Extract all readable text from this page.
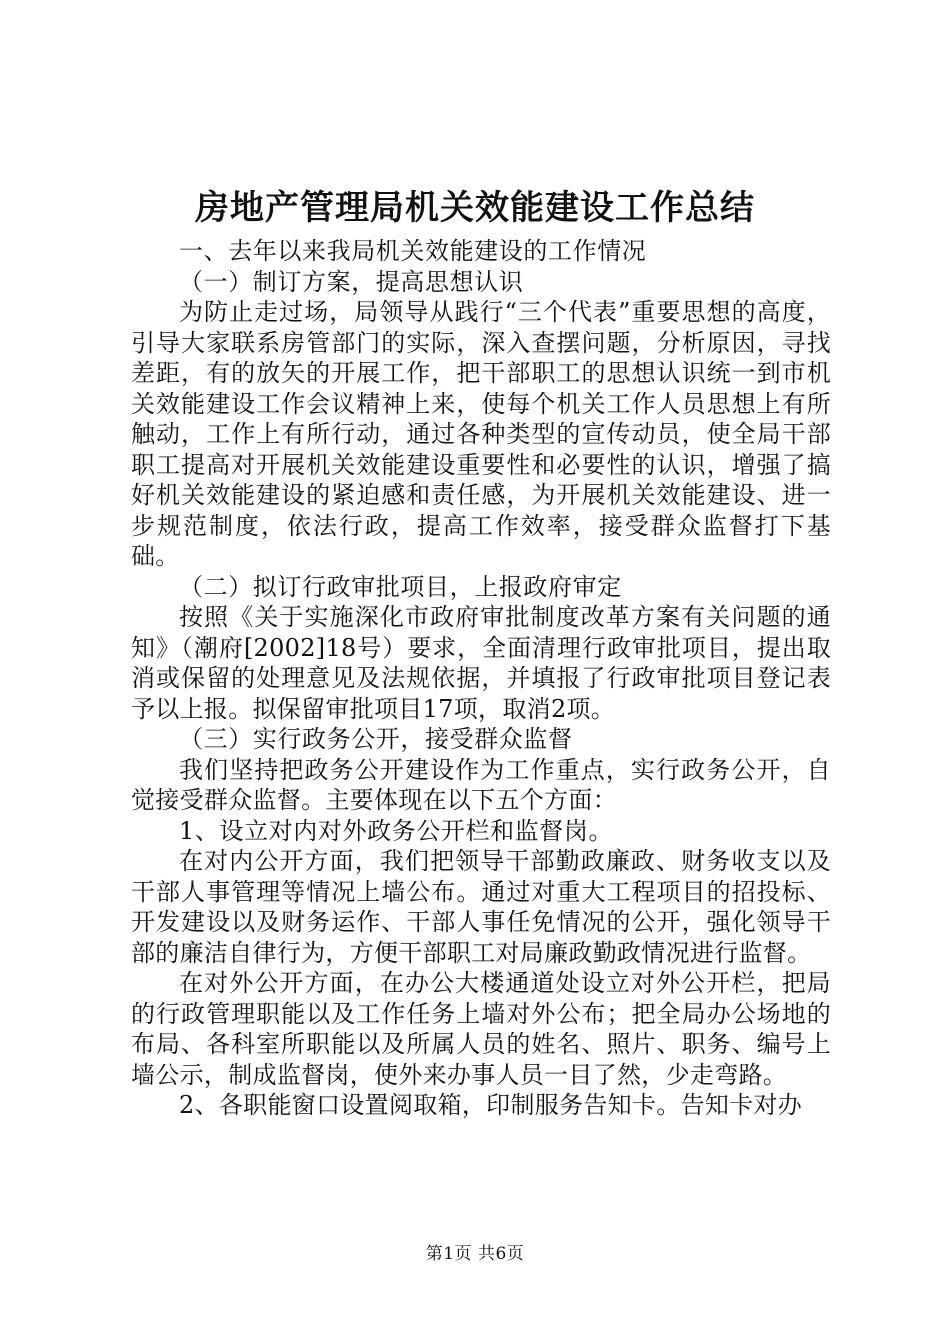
房地产管理局机关效能建设工作总结

一、去年以来我局机关效能建设的工作情况

（一）制订方案，提高思想认识

为防止走过场，局领导从践行“三个代表”重要思想的高度，引导大家联系房管部门的实际，深入查摆问题，分析原因，寻找差距，有的放矢的开展工作，把干部职工的思想认识统一到市机关效能建设工作会议精神上来，使每个机关工作人员思想上有所触动，工作上有所行动，通过各种类型的宣传动员，使全局干部职工提高对开展机关效能建设重要性和必要性的认识，增强了搞好机关效能建设的紧迫感和责任感，为开展机关效能建设、进一步规范制度，依法行政，提高工作效率，接受群众监督打下基础。

（二）拟订行政审批项目，上报政府审定

按照《关于实施深化市政府审批制度改革方案有关问题的通知》（潮府[2002]18号）要求，全面清理行政审批项目，提出取消或保留的处理意见及法规依据，并填报了行政审批项目登记表予以上报。拟保留审批项目17项，取消2项。

（三）实行政务公开，接受群众监督

我们坚持把政务公开建设作为工作重点，实行政务公开，自觉接受群众监督。主要体现在以下五个方面：

1、设立对内对外政务公开栏和监督岗。

在对内公开方面，我们把领导干部勤政廉政、财务收支以及干部人事管理等情况上墙公布。通过对重大工程项目的招投标、开发建设以及财务运作、干部人事任免情况的公开，强化领导干部的廉洁自律行为，方便干部职工对局廉政勤政情况进行监督。

在对外公开方面，在办公大楼通道处设立对外公开栏，把局的行政管理职能以及工作任务上墙对外公布；把全局办公场地的布局、各科室所职能以及所属人员的姓名、照片、职务、编号上墙公示，制成监督岗，使外来办事人员一目了然，少走弯路。

2、各职能窗口设置阅取箱，印制服务告知卡。告知卡对办

第1页 共6页
